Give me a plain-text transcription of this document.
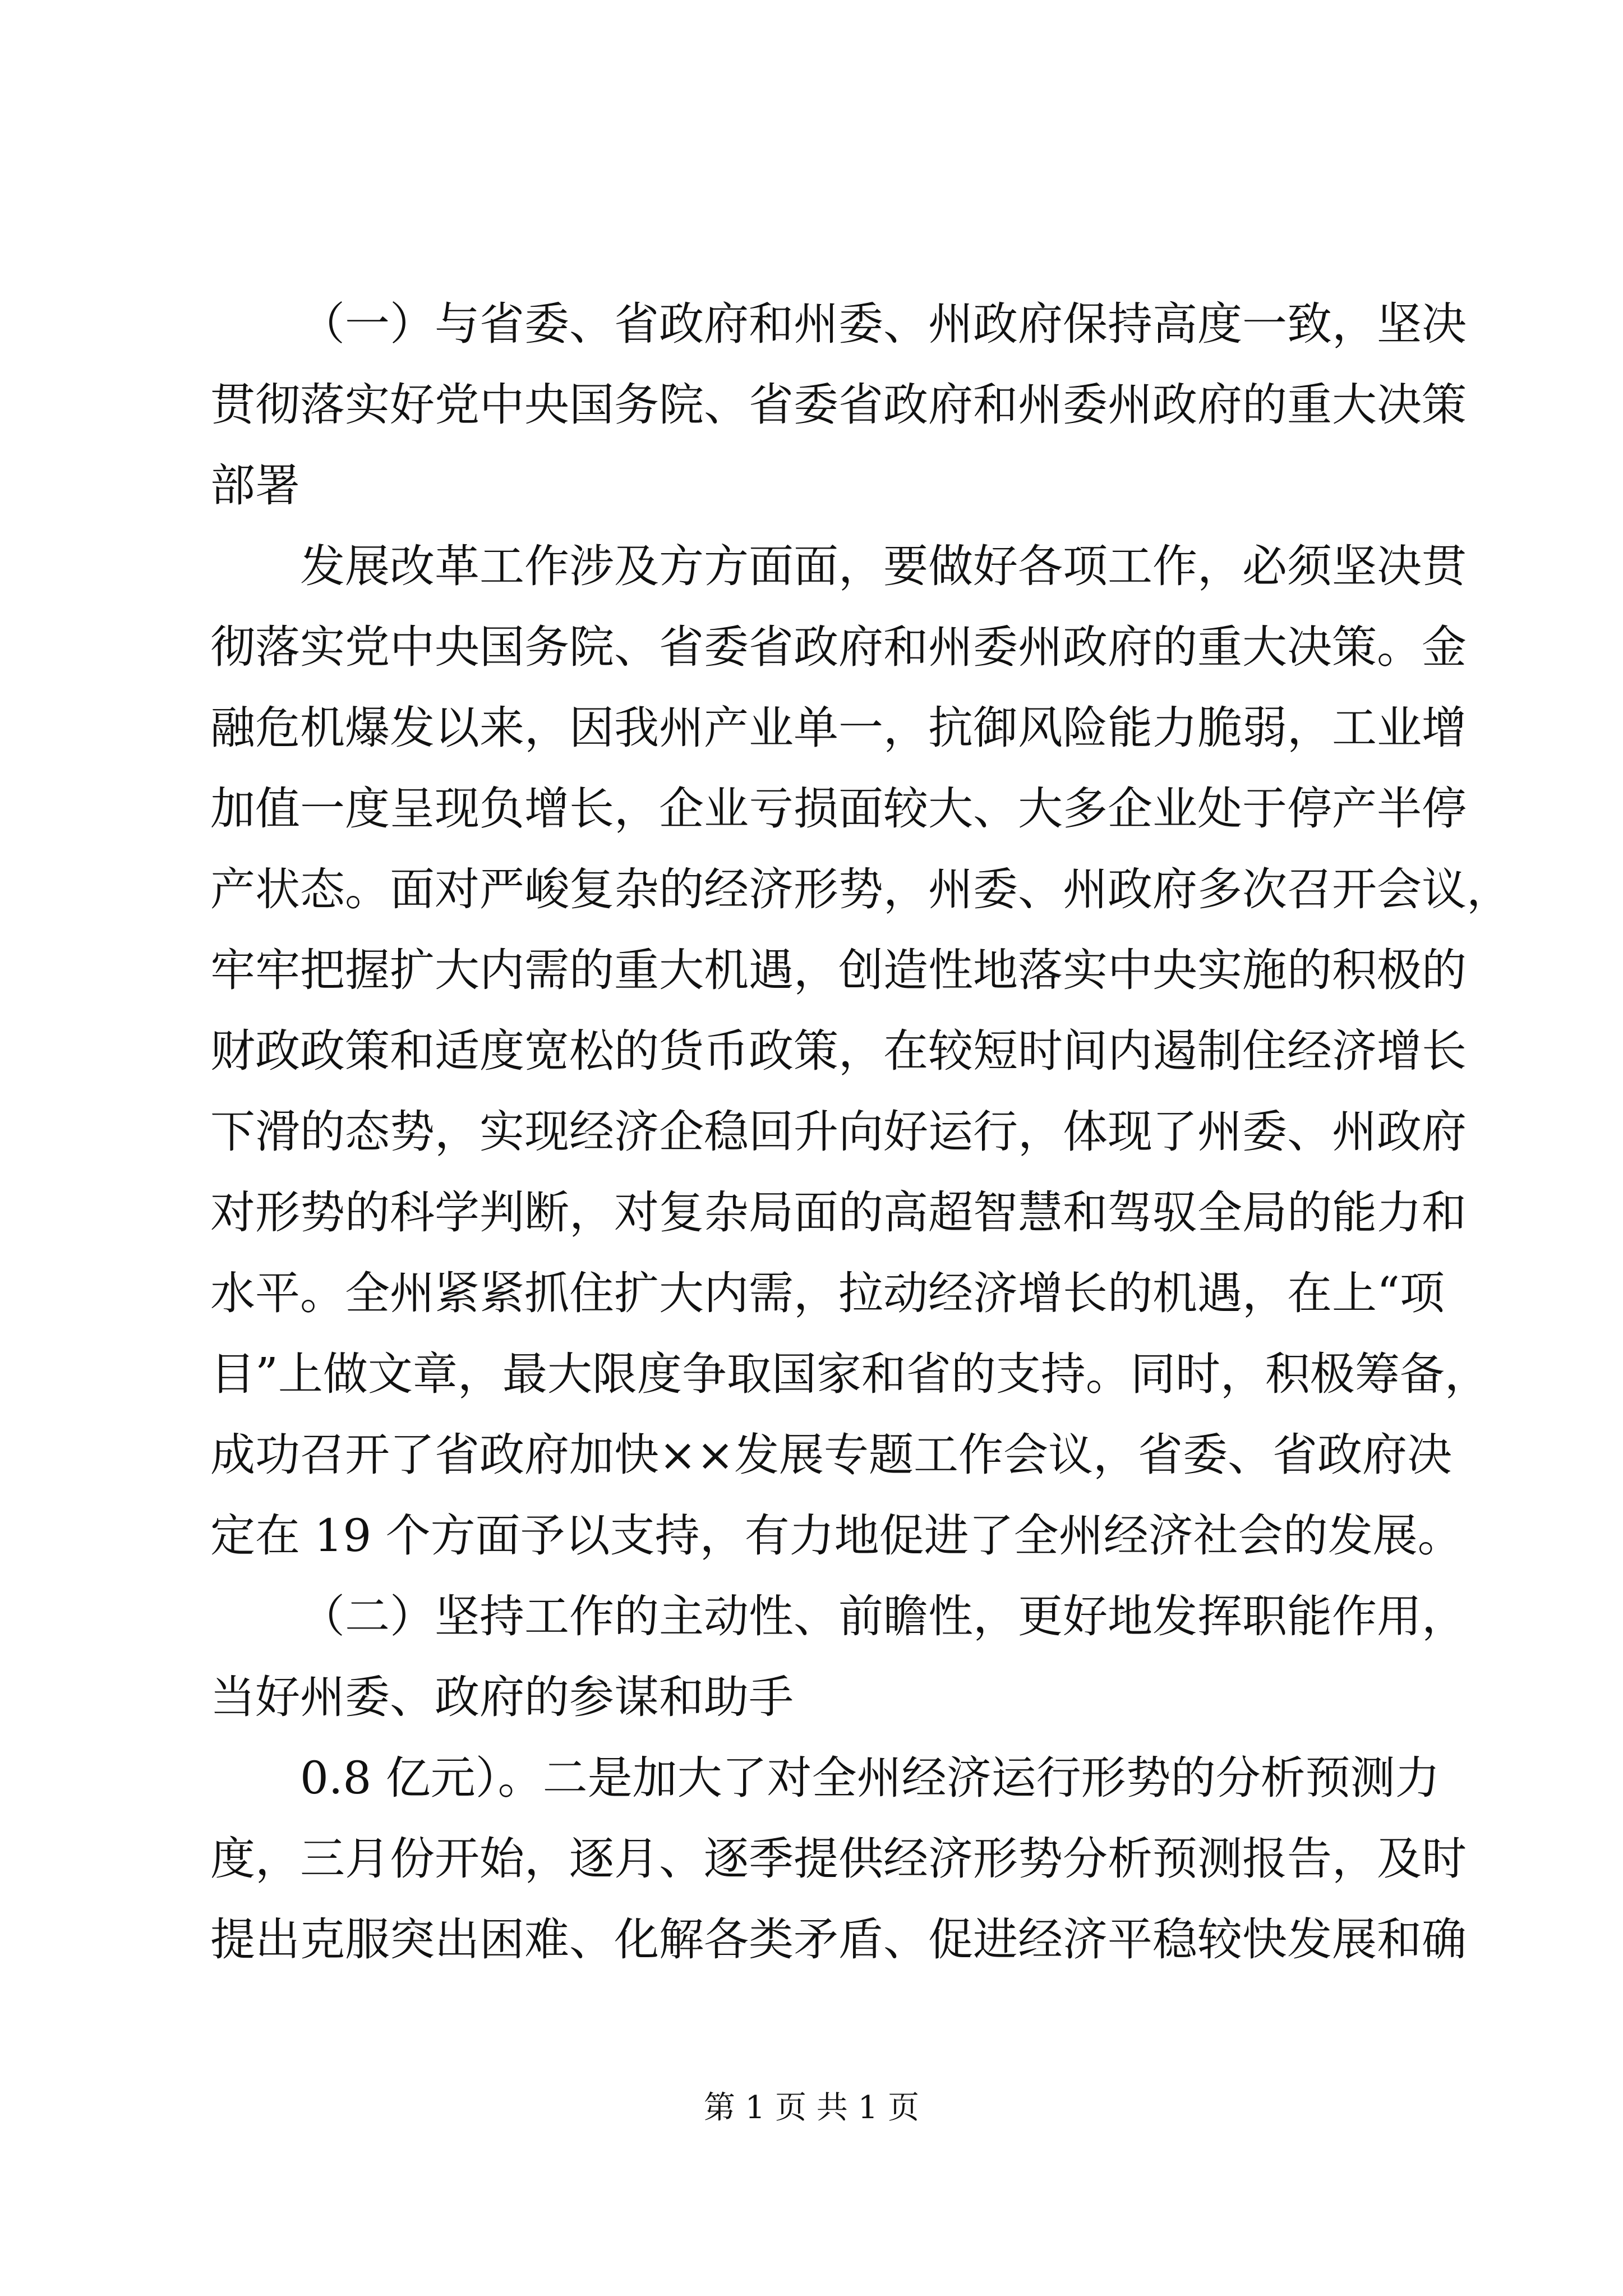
（一）与省委、省政府和州委、州政府保持高度一致，坚决
贯彻落实好党中央国务院、省委省政府和州委州政府的重大决策
部署
发展改革工作涉及方方面面，要做好各项工作，必须坚决贯
彻落实党中央国务院、省委省政府和州委州政府的重大决策。金
融危机爆发以来，因我州产业单一，抗御风险能力脆弱，工业增
加值一度呈现负增长，企业亏损面较大、大多企业处于停产半停
产状态。面对严峻复杂的经济形势，州委、州政府多次召开会议，
牢牢把握扩大内需的重大机遇，创造性地落实中央实施的积极的
财政政策和适度宽松的货币政策，在较短时间内遏制住经济增长
下滑的态势，实现经济企稳回升向好运行，体现了州委、州政府
对形势的科学判断，对复杂局面的高超智慧和驾驭全局的能力和
水平。全州紧紧抓住扩大内需，拉动经济增长的机遇，在上“项
目”上做文章，最大限度争取国家和省的支持。同时，积极筹备，
成功召开了省政府加快××发展专题工作会议，省委、省政府决
定在 19 个方面予以支持，有力地促进了全州经济社会的发展。
（二）坚持工作的主动性、前瞻性，更好地发挥职能作用，
当好州委、政府的参谋和助手
0.8 亿元）。二是加大了对全州经济运行形势的分析预测力
度，三月份开始，逐月、逐季提供经济形势分析预测报告，及时
提出克服突出困难、化解各类矛盾、促进经济平稳较快发展和确
第 1 页 共 1 页
